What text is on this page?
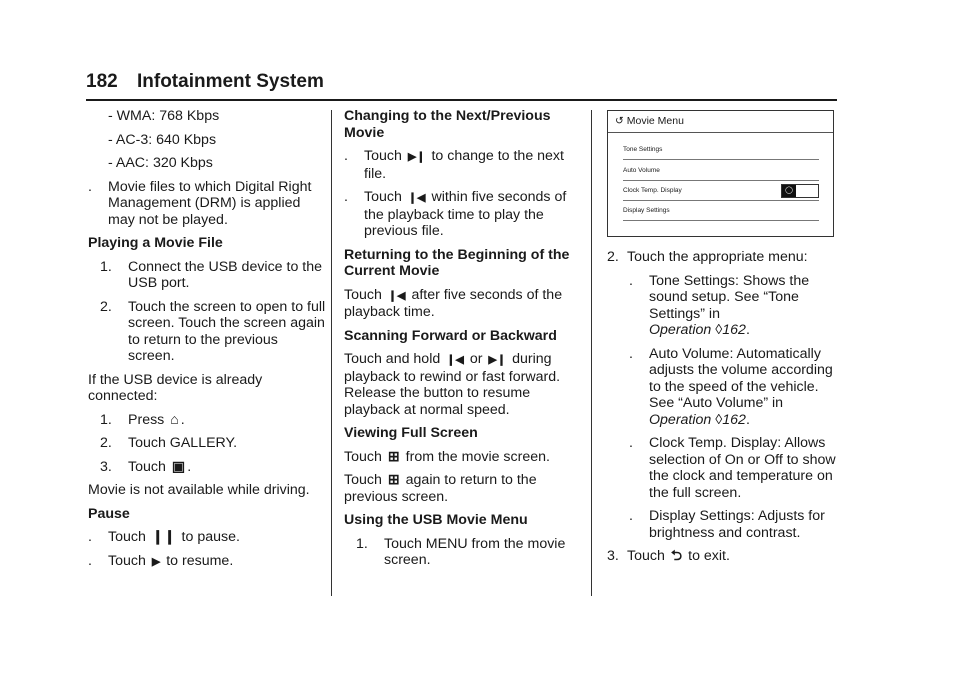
182 Infotainment System
- WMA: 768 Kbps
- AC-3: 640 Kbps
- AAC: 320 Kbps
.	Movie files to which Digital Right Management (DRM) is applied may not be played.
Playing a Movie File
1.	Connect the USB device to the USB port.
2.	Touch the screen to open to full screen. Touch the screen again to return to the previous screen.
If the USB device is already connected:
1.	Press ⌂ .
2.	Touch GALLERY.
3.	Touch ▣ .
Movie is not available while driving.
Pause
.	Touch ❙❙ to pause.
.	Touch ▶ to resume.
Changing to the Next/Previous Movie
.	Touch ▶❙ to change to the next file.
.	Touch ❙◀ within five seconds of the playback time to play the previous file.
Returning to the Beginning of the Current Movie
Touch ❙◀ after five seconds of the playback time.
Scanning Forward or Backward
Touch and hold ❙◀ or ▶❙ during playback to rewind or fast forward. Release the button to resume playback at normal speed.
Viewing Full Screen
Touch ⊞ from the movie screen.
Touch ⊞ again to return to the previous screen.
Using the USB Movie Menu
1.	Touch MENU from the movie screen.
↺ Movie Menu
Tone Settings
Auto Volume
Clock Temp. Display	◯
Display Settings
2. Touch the appropriate menu:
.	Tone Settings: Shows the sound setup. See “Tone Settings” in
Operation ◊162.
.	Auto Volume: Automatically adjusts the volume according to the speed of the vehicle. See “Auto Volume” in
Operation ◊162.
.	Clock Temp. Display: Allows selection of On or Off to show the clock and temperature on the full screen.
.	Display Settings: Adjusts for brightness and contrast.
3. Touch ⮌ to exit.
